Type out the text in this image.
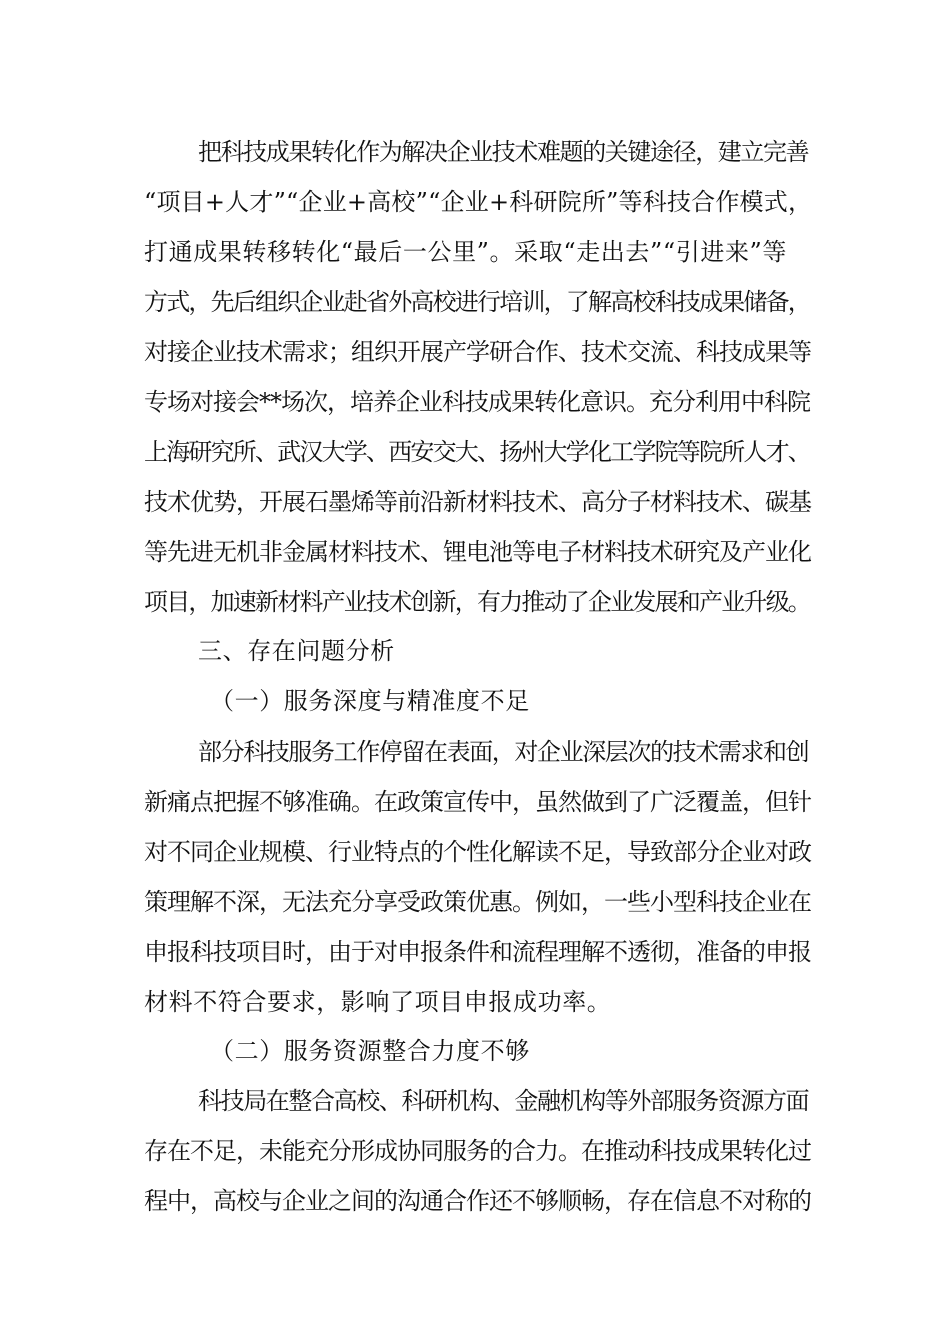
把科技成果转化作为解决企业技术难题的关键途径，建立完善
“项目+人才”“企业+高校”“企业+科研院所”等科技合作模式，
打通成果转移转化“最后一公里”。采取“走出去”“引进来”等
方式，先后组织企业赴省外高校进行培训，了解高校科技成果储备，
对接企业技术需求；组织开展产学研合作、技术交流、科技成果等
专场对接会**场次，培养企业科技成果转化意识。充分利用中科院
上海研究所、武汉大学、西安交大、扬州大学化工学院等院所人才、
技术优势，开展石墨烯等前沿新材料技术、高分子材料技术、碳基
等先进无机非金属材料技术、锂电池等电子材料技术研究及产业化
项目，加速新材料产业技术创新，有力推动了企业发展和产业升级。
三、存在问题分析
（一）服务深度与精准度不足
部分科技服务工作停留在表面，对企业深层次的技术需求和创
新痛点把握不够准确。在政策宣传中，虽然做到了广泛覆盖，但针
对不同企业规模、行业特点的个性化解读不足，导致部分企业对政
策理解不深，无法充分享受政策优惠。例如，一些小型科技企业在
申报科技项目时，由于对申报条件和流程理解不透彻，准备的申报
材料不符合要求，影响了项目申报成功率。
（二）服务资源整合力度不够
科技局在整合高校、科研机构、金融机构等外部服务资源方面
存在不足，未能充分形成协同服务的合力。在推动科技成果转化过
程中，高校与企业之间的沟通合作还不够顺畅，存在信息不对称的
